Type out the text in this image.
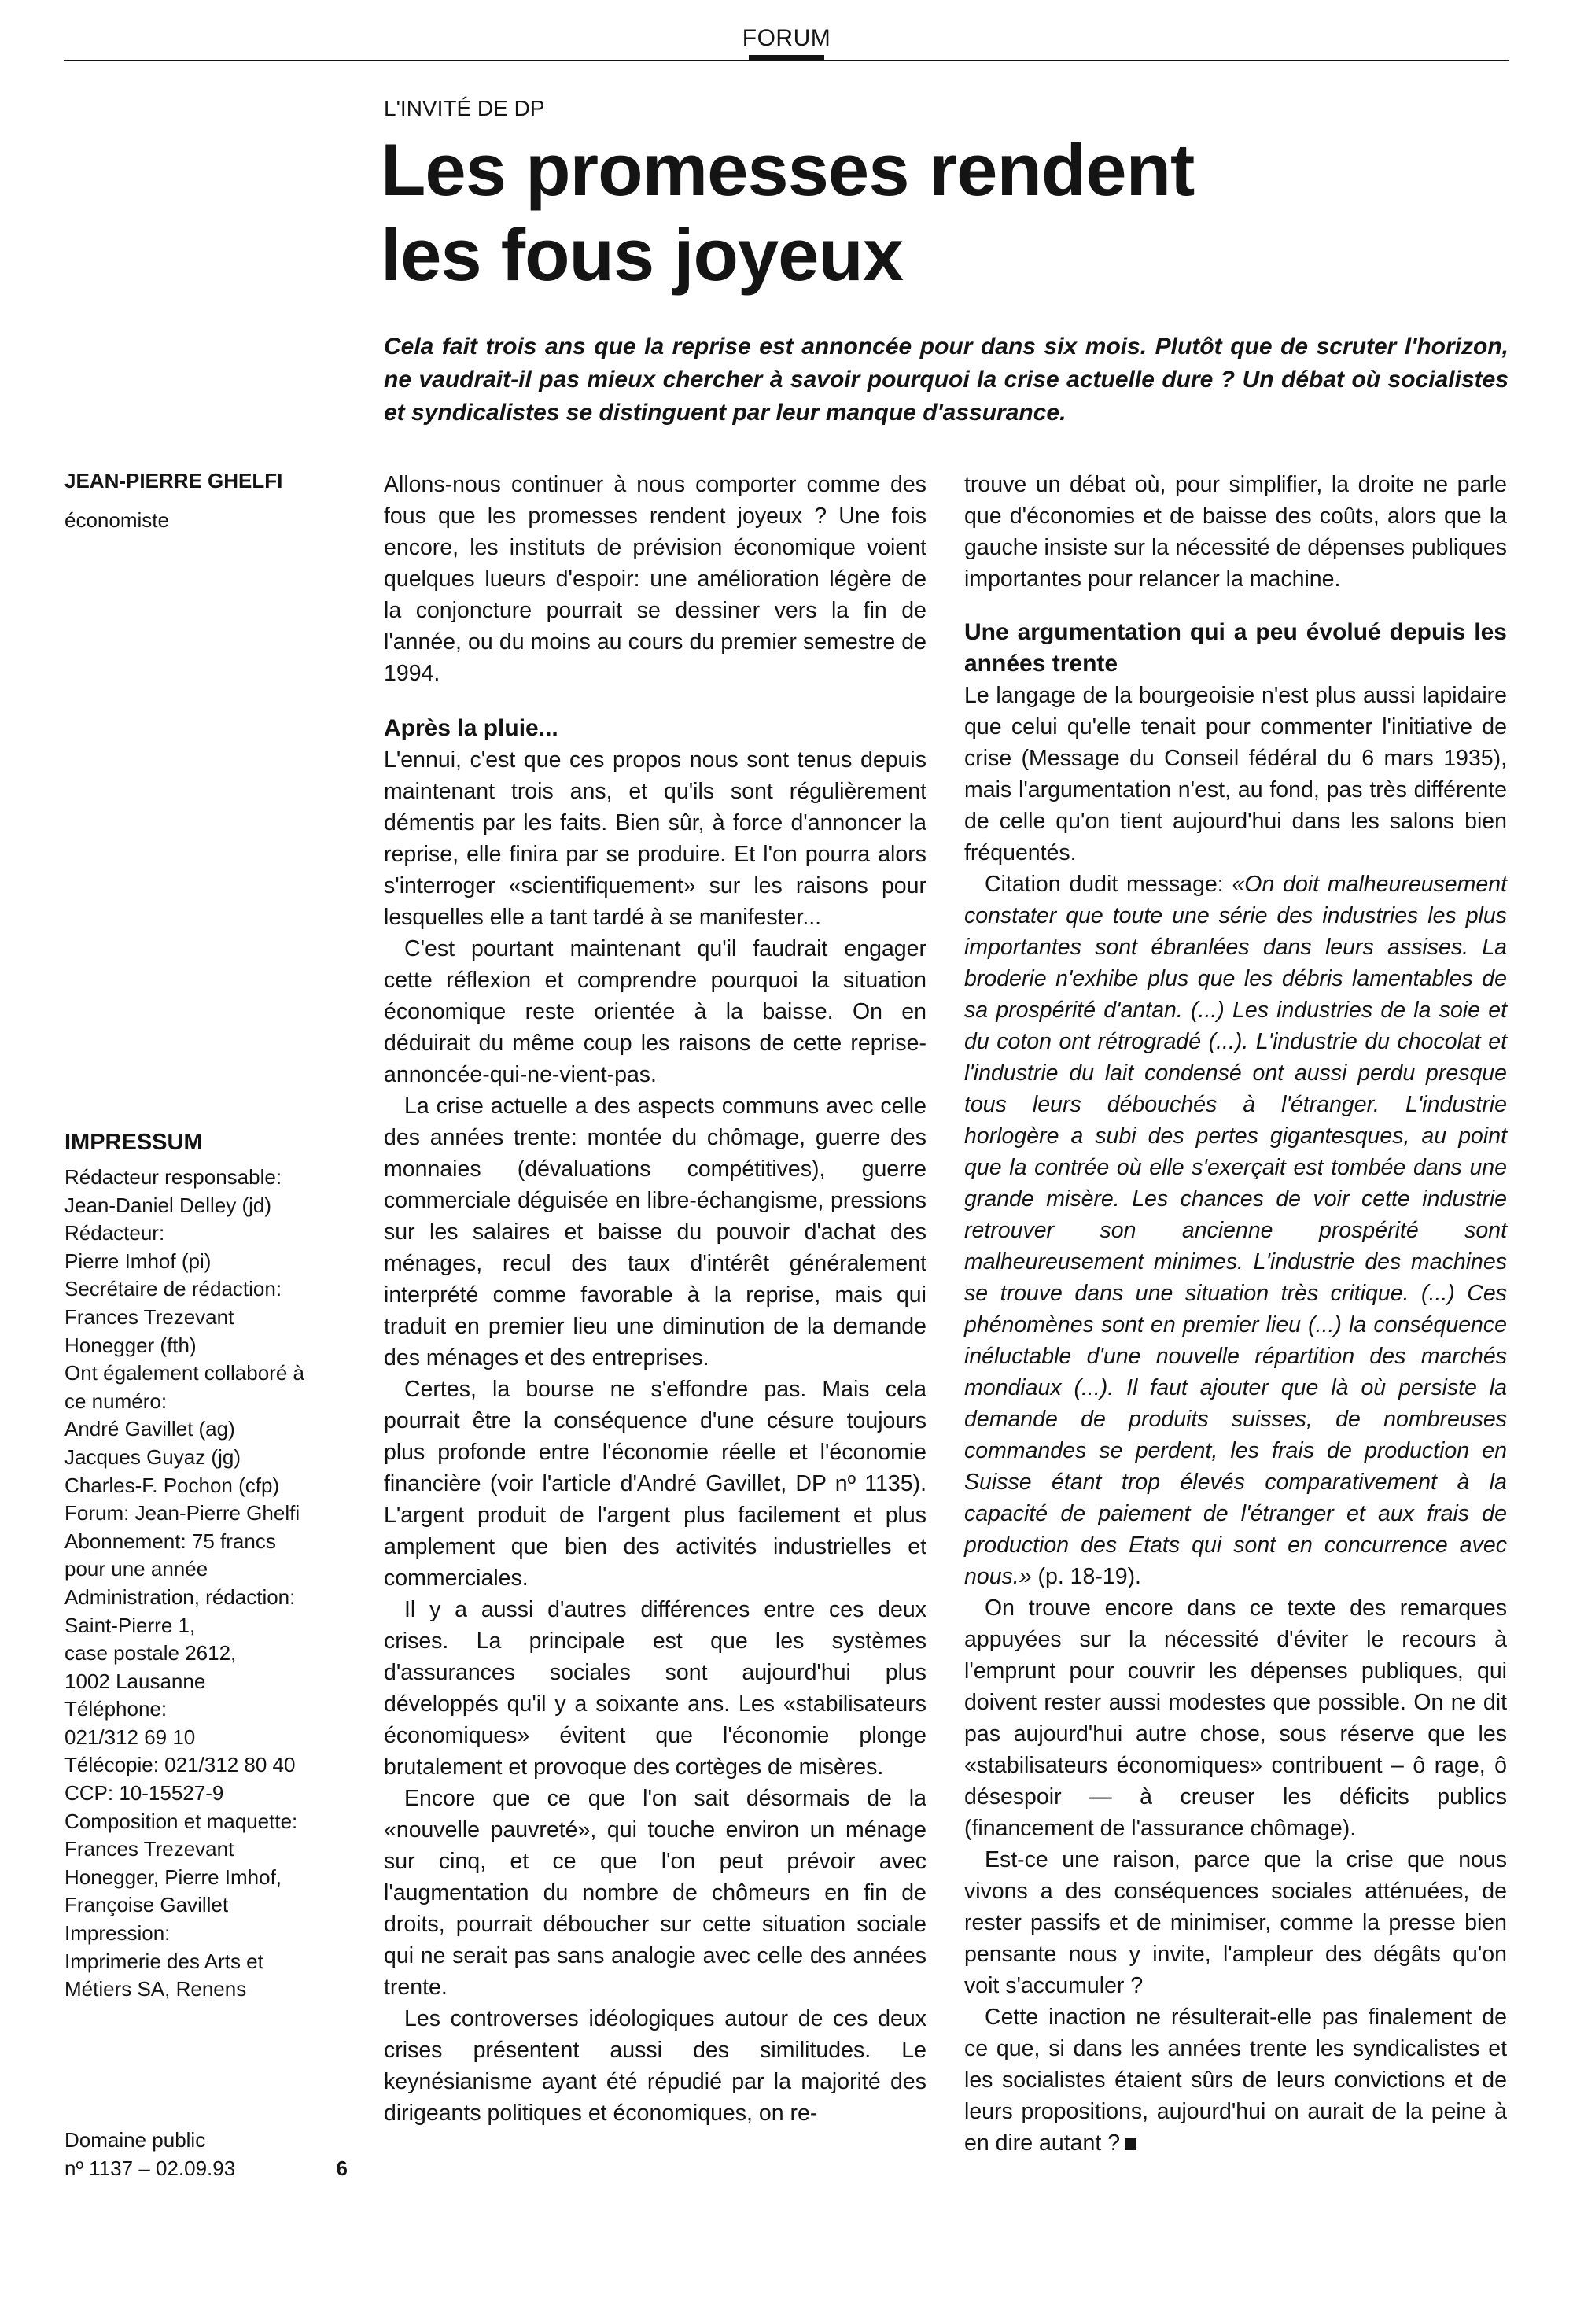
FORUM
L'INVITÉ DE DP
Les promesses rendent
les fous joyeux
Cela fait trois ans que la reprise est annoncée pour dans six mois. Plutôt que de scruter l'horizon, ne vaudrait-il pas mieux chercher à savoir pourquoi la crise actuelle dure ? Un débat où socialistes et syndicalistes se distinguent par leur manque d'assurance.
JEAN-PIERRE GHELFI
économiste
IMPRESSUM
Rédacteur responsable:
Jean-Daniel Delley (jd)
Rédacteur:
Pierre Imhof (pi)
Secrétaire de rédaction:
Frances Trezevant
Honegger (fth)
Ont également collaboré à
ce numéro:
André Gavillet (ag)
Jacques Guyaz (jg)
Charles-F. Pochon (cfp)
Forum: Jean-Pierre Ghelfi
Abonnement: 75 francs
pour une année
Administration, rédaction:
Saint-Pierre 1,
case postale 2612,
1002 Lausanne
Téléphone:
021/312 69 10
Télécopie: 021/312 80 40
CCP: 10-15527-9
Composition et maquette:
Frances Trezevant
Honegger, Pierre Imhof,
Françoise Gavillet
Impression:
Imprimerie des Arts et
Métiers SA, Renens
Domaine public
nº 1137 – 02.09.93	6

Allons-nous continuer à nous comporter comme des fous que les promesses rendent joyeux ? Une fois encore, les instituts de prévision économique voient quelques lueurs d'espoir: une amélioration légère de la conjoncture pourrait se dessiner vers la fin de l'année, ou du moins au cours du premier semestre de 1994.

Après la pluie...

L'ennui, c'est que ces propos nous sont tenus depuis maintenant trois ans, et qu'ils sont régulièrement démentis par les faits. Bien sûr, à force d'annoncer la reprise, elle finira par se produire. Et l'on pourra alors s'interroger «scientifiquement» sur les raisons pour lesquelles elle a tant tardé à se manifester...

C'est pourtant maintenant qu'il faudrait engager cette réflexion et comprendre pourquoi la situation économique reste orientée à la baisse. On en déduirait du même coup les raisons de cette reprise-annoncée-qui-ne-vient-pas.

La crise actuelle a des aspects communs avec celle des années trente: montée du chômage, guerre des monnaies (dévaluations compétitives), guerre commerciale déguisée en libre-échangisme, pressions sur les salaires et baisse du pouvoir d'achat des ménages, recul des taux d'intérêt généralement interprété comme favorable à la reprise, mais qui traduit en premier lieu une diminution de la demande des ménages et des entreprises.

Certes, la bourse ne s'effondre pas. Mais cela pourrait être la conséquence d'une césure toujours plus profonde entre l'économie réelle et l'économie financière (voir l'article d'André Gavillet, DP nº 1135). L'argent produit de l'argent plus facilement et plus amplement que bien des activités industrielles et commerciales.

Il y a aussi d'autres différences entre ces deux crises. La principale est que les systèmes d'assurances sociales sont aujourd'hui plus développés qu'il y a soixante ans. Les «stabilisateurs économiques» évitent que l'économie plonge brutalement et provoque des cortèges de misères.

Encore que ce que l'on sait désormais de la «nouvelle pauvreté», qui touche environ un ménage sur cinq, et ce que l'on peut prévoir avec l'augmentation du nombre de chômeurs en fin de droits, pourrait déboucher sur cette situation sociale qui ne serait pas sans analogie avec celle des années trente.

Les controverses idéologiques autour de ces deux crises présentent aussi des similitudes. Le keynésianisme ayant été répudié par la majorité des dirigeants politiques et économiques, on re-

trouve un débat où, pour simplifier, la droite ne parle que d'économies et de baisse des coûts, alors que la gauche insiste sur la nécessité de dépenses publiques importantes pour relancer la machine.

Une argumentation qui a peu évolué depuis les années trente

Le langage de la bourgeoisie n'est plus aussi lapidaire que celui qu'elle tenait pour commenter l'initiative de crise (Message du Conseil fédéral du 6 mars 1935), mais l'argumentation n'est, au fond, pas très différente de celle qu'on tient aujourd'hui dans les salons bien fréquentés.

Citation dudit message: «On doit malheureusement constater que toute une série des industries les plus importantes sont ébranlées dans leurs assises. La broderie n'exhibe plus que les débris lamentables de sa prospérité d'antan. (...) Les industries de la soie et du coton ont rétrogradé (...). L'industrie du chocolat et l'industrie du lait condensé ont aussi perdu presque tous leurs débouchés à l'étranger. L'industrie horlogère a subi des pertes gigantesques, au point que la contrée où elle s'exerçait est tombée dans une grande misère. Les chances de voir cette industrie retrouver son ancienne prospérité sont malheureusement minimes. L'industrie des machines se trouve dans une situation très critique. (...) Ces phénomènes sont en premier lieu (...) la conséquence inéluctable d'une nouvelle répartition des marchés mondiaux (...). Il faut ajouter que là où persiste la demande de produits suisses, de nombreuses commandes se perdent, les frais de production en Suisse étant trop élevés comparativement à la capacité de paiement de l'étranger et aux frais de production des Etats qui sont en concurrence avec nous.» (p. 18-19).

On trouve encore dans ce texte des remarques appuyées sur la nécessité d'éviter le recours à l'emprunt pour couvrir les dépenses publiques, qui doivent rester aussi modestes que possible. On ne dit pas aujourd'hui autre chose, sous réserve que les «stabilisateurs économiques» contribuent – ô rage, ô désespoir — à creuser les déficits publics (financement de l'assurance chômage).

Est-ce une raison, parce que la crise que nous vivons a des conséquences sociales atténuées, de rester passifs et de minimiser, comme la presse bien pensante nous y invite, l'ampleur des dégâts qu'on voit s'accumuler ?

Cette inaction ne résulterait-elle pas finalement de ce que, si dans les années trente les syndicalistes et les socialistes étaient sûrs de leurs convictions et de leurs propositions, aujourd'hui on aurait de la peine à en dire autant ?
